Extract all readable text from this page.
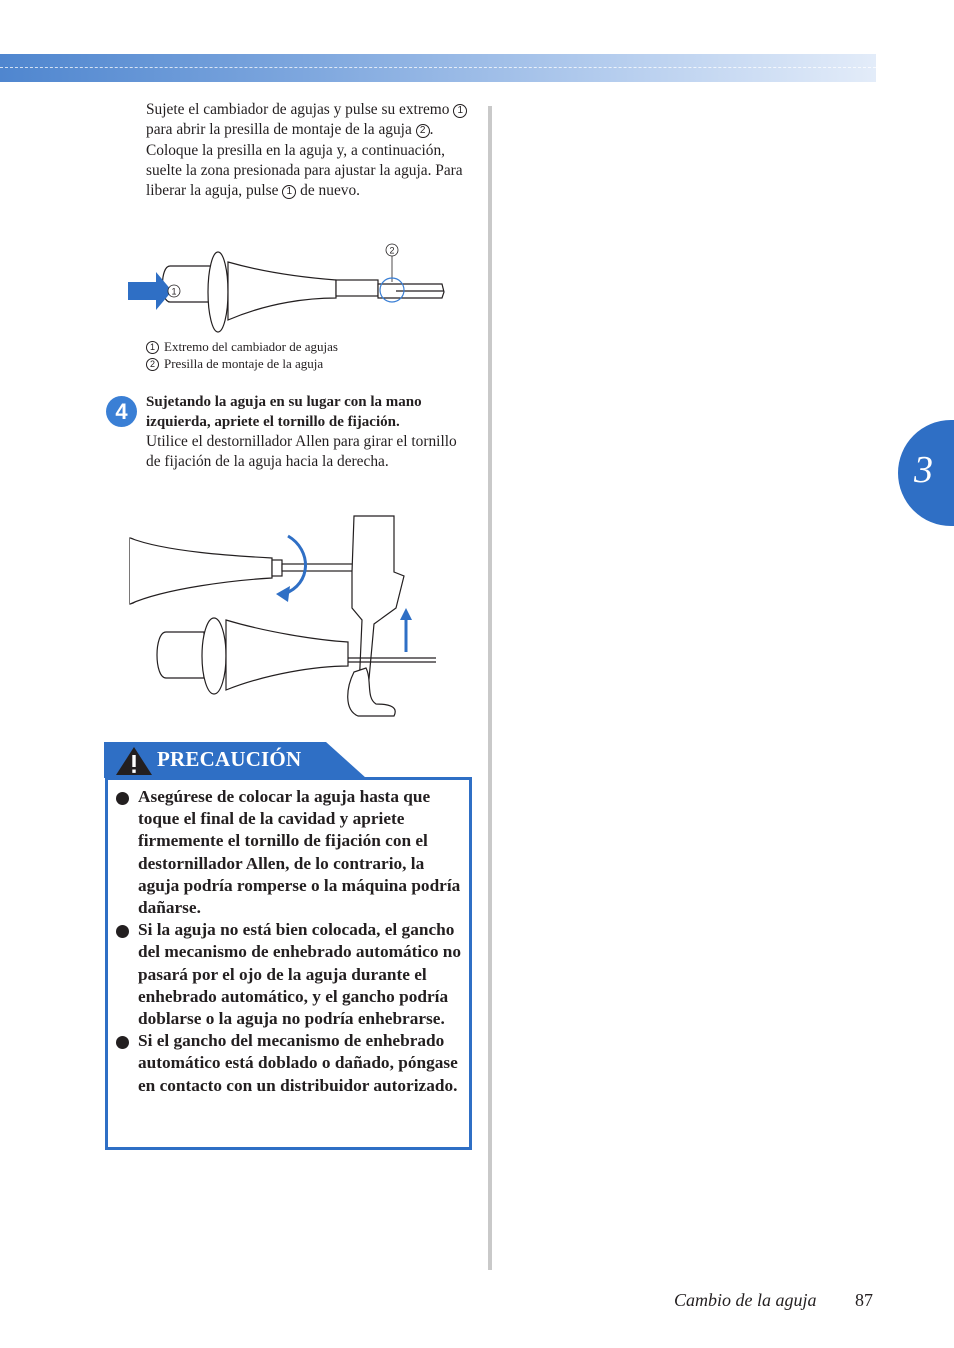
3

Sujete el cambiador de agujas y pulse su extremo 1 para abrir la presilla de montaje de la aguja 2 . Coloque la presilla en la aguja y, a continuación, suelte la zona presionada para ajustar la aguja. Para liberar la aguja, pulse 1 de nuevo.

1
2
1 Extremo del cambiador de agujas
2 Presilla de montaje de la aguja
4	Sujetando la aguja en su lugar con la mano izquierda, apriete el tornillo de fijación.
Utilice el destornillador Allen para girar el tornillo de fijación de la aguja hacia la derecha.
PRECAUCIÓN
Asegúrese de colocar la aguja hasta que toque el final de la cavidad y apriete firmemente el tornillo de fijación con el destornillador Allen, de lo contrario, la aguja podría romperse o la máquina podría dañarse.
Si la aguja no está bien colocada, el gancho del mecanismo de enhebrado automático no pasará por el ojo de la aguja durante el enhebrado automático, y el gancho podría doblarse o la aguja no podría enhebrarse.
Si el gancho del mecanismo de enhebrado automático está doblado o dañado, póngase en contacto con un distribuidor autorizado.
Cambio de la aguja 87
